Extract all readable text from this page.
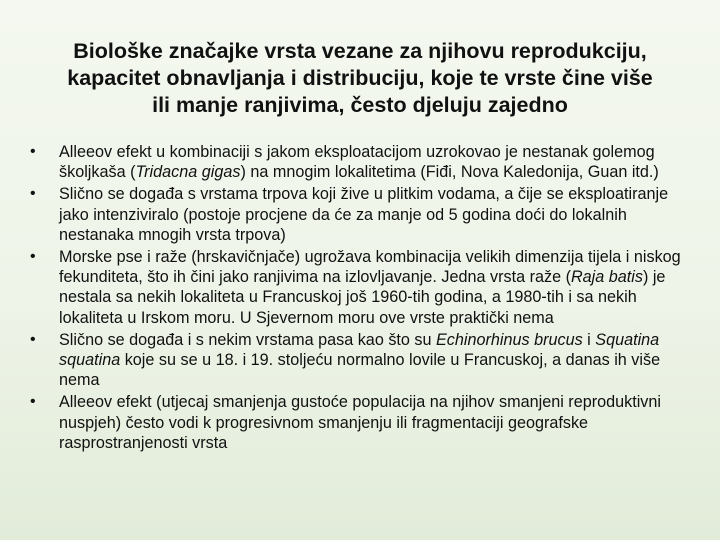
Biološke značajke vrsta vezane za njihovu reprodukciju,
kapacitet obnavljanja i distribuciju, koje te vrste čine više
ili manje ranjivima, često djeluju zajedno
•	Alleeov efekt u kombinaciji s jakom eksploatacijom uzrokovao je nestanak golemog školjkaša (Tridacna gigas) na mnogim lokalitetima (Fiđi, Nova Kaledonija, Guan itd.)
•	Slično se događa s vrstama trpova koji žive u plitkim vodama, a čije se eksploatiranje jako intenziviralo (postoje procjene da će za manje od 5 godina doći do lokalnih nestanaka mnogih vrsta trpova)
•	Morske pse i raže (hrskavičnjače) ugrožava kombinacija velikih dimenzija tijela i niskog fekunditeta, što ih čini jako ranjivima na izlovljavanje. Jedna vrsta raže (Raja batis) je nestala sa nekih lokaliteta u Francuskoj još 1960-tih godina, a 1980-tih i sa nekih lokaliteta u Irskom moru. U Sjevernom moru ove vrste praktički nema
•	Slično se događa i s nekim vrstama pasa kao što su Echinorhinus brucus i Squatina squatina koje su se u 18. i 19. stoljeću normalno lovile u Francuskoj, a danas ih više nema
•	Alleeov efekt (utjecaj smanjenja gustoće populacija na njihov smanjeni reproduktivni nuspjeh) često vodi k progresivnom smanjenju ili fragmentaciji geografske rasprostranjenosti vrsta
